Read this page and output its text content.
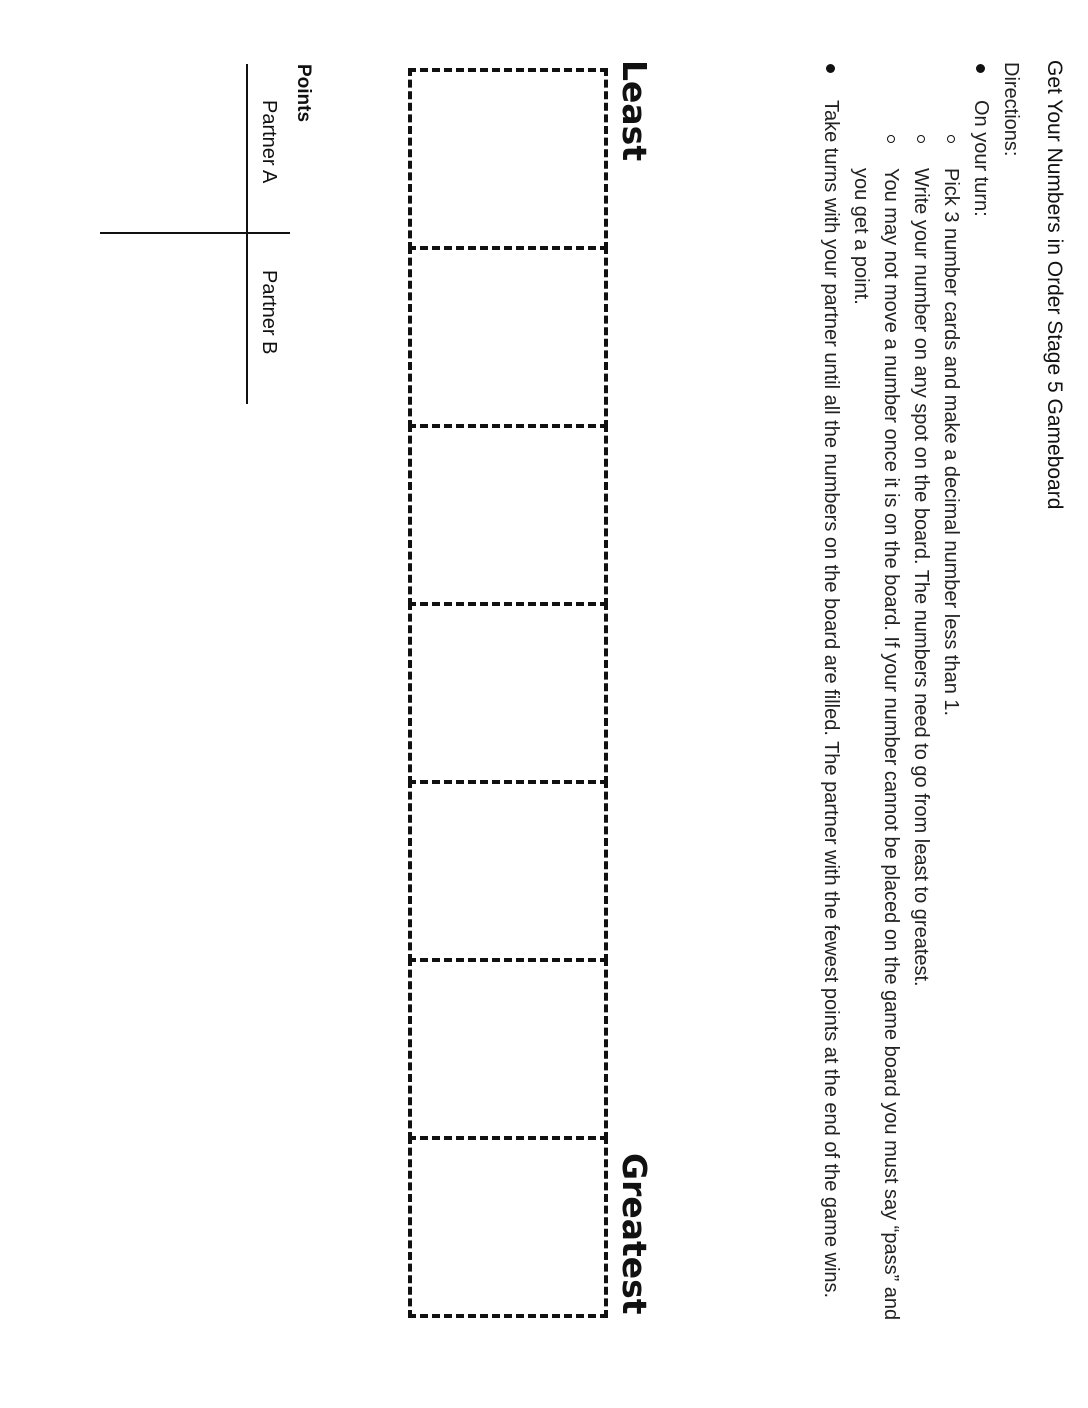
Get Your Numbers in Order Stage 5 Gameboard
Directions:
On your turn:
Pick 3 number cards and make a decimal number less than 1.
Write your number on any spot on the board. The numbers need to go from least to greatest.
You may not move a number once it is on the board. If your number cannot be placed on the game board you must say “pass” and you get a point.
Take turns with your partner until all the numbers on the board are filled. The partner with the fewest points at the end of the game wins.
Least
Greatest
Points
Partner A
Partner B
